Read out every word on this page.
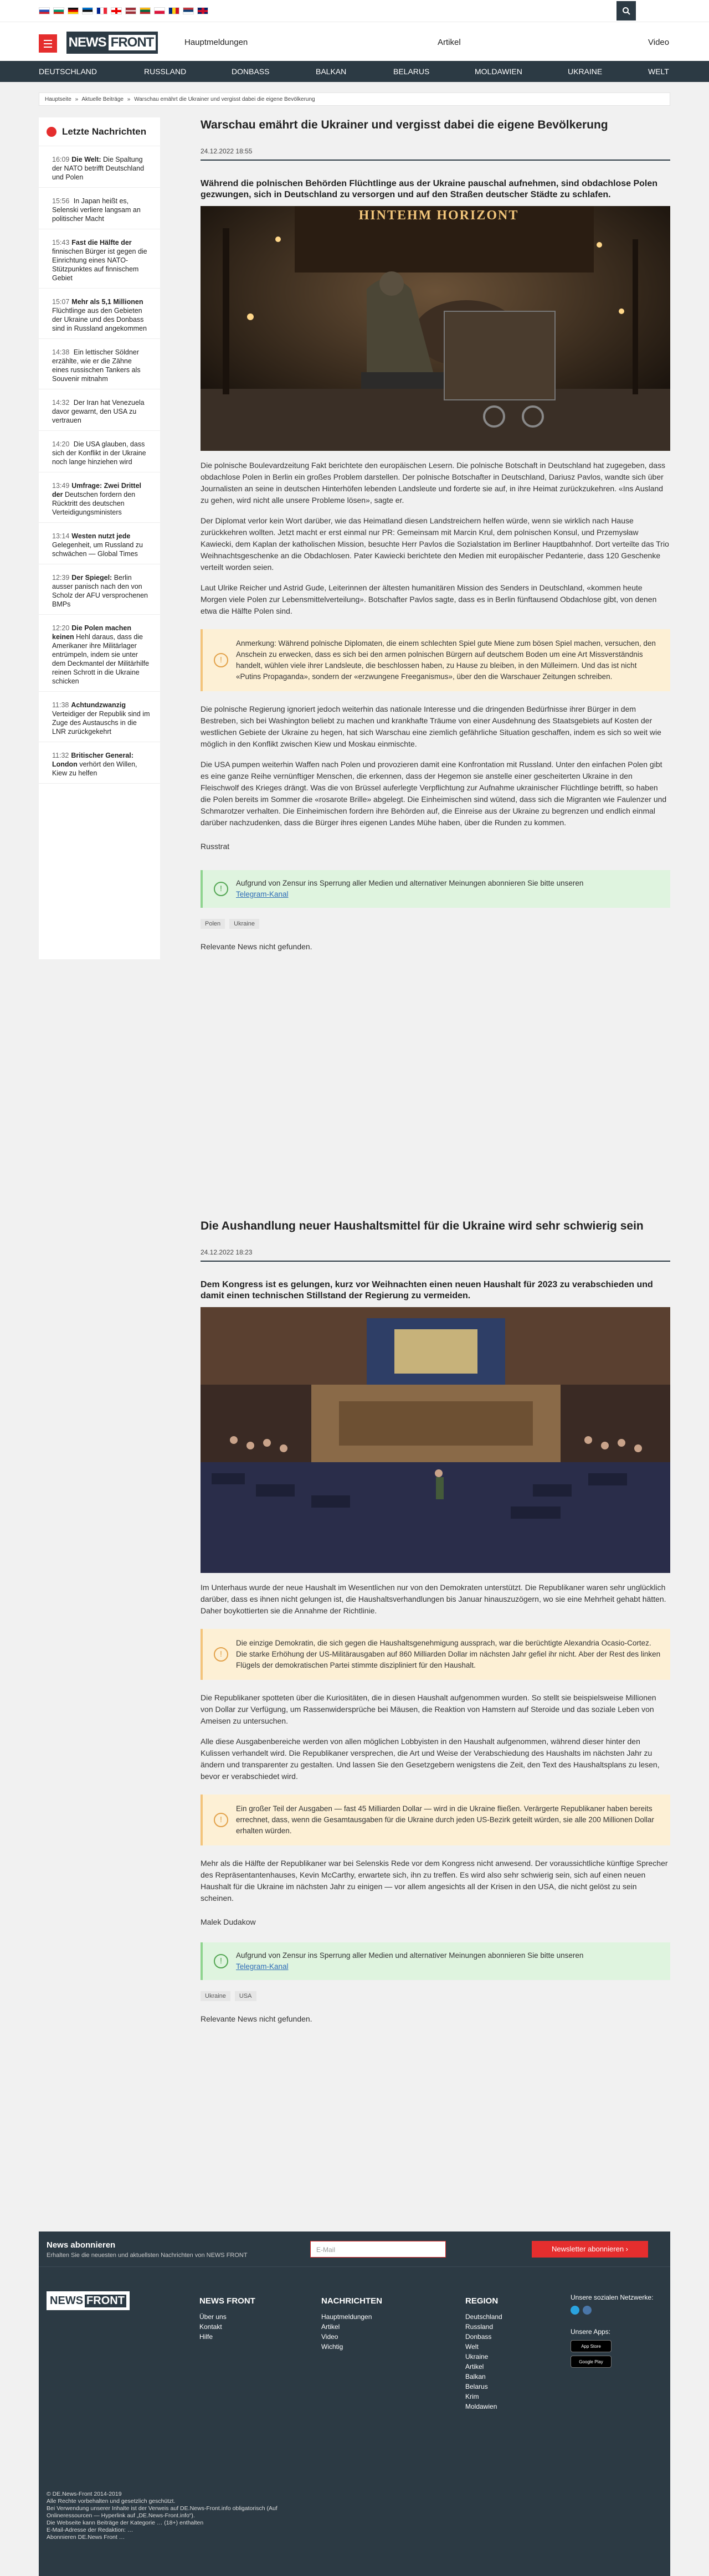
NEWS FRONT	Hauptmeldungen	Artikel	Video
DEUTSCHLAND	RUSSLAND	DONBASS	BALKAN	BELARUS	MOLDAWIEN	UKRAINE	WELT
Hauptseite » Aktuelle Beiträge » Warschau emährt die Ukrainer und vergisst dabei die eigene Bevölkerung
Letzte Nachrichten
16:09 Die Welt: Die Spaltung der NATO betrifft Deutschland und Polen
15:56 In Japan heißt es, Selenski verliere langsam an politischer Macht
15:43 Fast die Hälfte der finnischen Bürger ist gegen die Einrichtung eines NATO-Stützpunktes auf finnischem Gebiet
15:07 Mehr als 5,1 Millionen Flüchtlinge aus den Gebieten der Ukraine und des Donbass sind in Russland angekommen
14:38 Ein lettischer Söldner erzählte, wie er die Zähne eines russischen Tankers als Souvenir mitnahm
14:32 Der Iran hat Venezuela davor gewarnt, den USA zu vertrauen
14:20 Die USA glauben, dass sich der Konflikt in der Ukraine noch lange hinziehen wird
13:49 Umfrage: Zwei Drittel der Deutschen fordern den Rücktritt des deutschen Verteidigungsministers
13:14 Westen nutzt jede Gelegenheit, um Russland zu schwächen — Global Times
12:39 Der Spiegel: Berlin ausser panisch nach den von Scholz der AFU versprochenen BMPs
12:20 Die Polen machen keinen Hehl daraus, dass die Amerikaner ihre Militärlager entrümpeln, indem sie unter dem Deckmantel der Militärhilfe reinen Schrott in die Ukraine schicken
11:38 Achtundzwanzig Verteidiger der Republik sind im Zuge des Austauschs in die LNR zurückgekehrt
11:32 Britischer General: London verhört den Willen, Kiew zu helfen
Warschau emährt die Ukrainer und vergisst dabei die eigene Bevölkerung
24.12.2022 18:55
Während die polnischen Behörden Flüchtlinge aus der Ukraine pauschal aufnehmen, sind obdachlose Polen gezwungen, sich in Deutschland zu versorgen und auf den Straßen deutscher Städte zu schlafen.
HINTEHM HORIZONT
Die polnische Boulevardzeitung Fakt berichtete den europäischen Lesern. Die polnische Botschaft in Deutschland hat zugegeben, dass obdachlose Polen in Berlin ein großes Problem darstellen. Der polnische Botschafter in Deutschland, Dariusz Pavlos, wandte sich über Journalisten an seine in deutschen Hinterhöfen lebenden Landsleute und forderte sie auf, in ihre Heimat zurückzukehren. «Ins Ausland zu gehen, wird nicht alle unsere Probleme lösen», sagte er.
Der Diplomat verlor kein Wort darüber, wie das Heimatland diesen Landstreichern helfen würde, wenn sie wirklich nach Hause zurückkehren wollten. Jetzt macht er erst einmal nur PR: Gemeinsam mit Marcin Krul, dem polnischen Konsul, und Przemysław Kawiecki, dem Kaplan der katholischen Mission, besuchte Herr Pavlos die Sozialstation im Berliner Hauptbahnhof. Dort verteilte das Trio Weihnachtsgeschenke an die Obdachlosen. Pater Kawiecki berichtete den Medien mit europäischer Pedanterie, dass 120 Geschenke verteilt worden seien.
Laut Ulrike Reicher und Astrid Gude, Leiterinnen der ältesten humanitären Mission des Senders in Deutschland, «kommen heute Morgen viele Polen zur Lebensmittelverteilung». Botschafter Pavlos sagte, dass es in Berlin fünftausend Obdachlose gibt, von denen etwa die Hälfte Polen sind.
!
Anmerkung: Während polnische Diplomaten, die einem schlechten Spiel gute Miene zum bösen Spiel machen, versuchen, den Anschein zu erwecken, dass es sich bei den armen polnischen Bürgern auf deutschem Boden um eine Art Missverständnis handelt, wühlen viele ihrer Landsleute, die beschlossen haben, zu Hause zu bleiben, in den Mülleimern. Und das ist nicht «Putins Propaganda», sondern der «erzwungene Freeganismus», über den die Warschauer Zeitungen schreiben.
Die polnische Regierung ignoriert jedoch weiterhin das nationale Interesse und die dringenden Bedürfnisse ihrer Bürger in dem Bestreben, sich bei Washington beliebt zu machen und krankhafte Träume von einer Ausdehnung des Staatsgebiets auf Kosten der westlichen Gebiete der Ukraine zu hegen, hat sich Warschau eine ziemlich gefährliche Situation geschaffen, indem es sich so weit wie möglich in den Konflikt zwischen Kiew und Moskau einmischte.
Die USA pumpen weiterhin Waffen nach Polen und provozieren damit eine Konfrontation mit Russland. Unter den einfachen Polen gibt es eine ganze Reihe vernünftiger Menschen, die erkennen, dass der Hegemon sie anstelle einer gescheiterten Ukraine in den Fleischwolf des Krieges drängt. Was die von Brüssel auferlegte Verpflichtung zur Aufnahme ukrainischer Flüchtlinge betrifft, so haben die Polen bereits im Sommer die «rosarote Brille» abgelegt. Die Einheimischen sind wütend, dass sich die Migranten wie Faulenzer und Schmarotzer verhalten. Die Einheimischen fordern ihre Behörden auf, die Einreise aus der Ukraine zu begrenzen und endlich einmal darüber nachzudenken, dass die Bürger ihres eigenen Landes Mühe haben, über die Runden zu kommen.
Russtrat
!
Aufgrund von Zensur ins Sperrung aller Medien und alternativer Meinungen abonnieren Sie bitte unseren
Telegram-Kanal
Polen	Ukraine
Relevante News nicht gefunden.
Die Aushandlung neuer Haushaltsmittel für die Ukraine wird sehr schwierig sein
24.12.2022 18:23
Dem Kongress ist es gelungen, kurz vor Weihnachten einen neuen Haushalt für 2023 zu verabschieden und damit einen technischen Stillstand der Regierung zu vermeiden.
Im Unterhaus wurde der neue Haushalt im Wesentlichen nur von den Demokraten unterstützt. Die Republikaner waren sehr unglücklich darüber, dass es ihnen nicht gelungen ist, die Haushaltsverhandlungen bis Januar hinauszuzögern, wo sie eine Mehrheit gehabt hätten. Daher boykottierten sie die Annahme der Richtlinie.
!
Die einzige Demokratin, die sich gegen die Haushaltsgenehmigung aussprach, war die berüchtigte Alexandria Ocasio-Cortez. Die starke Erhöhung der US-Militärausgaben auf 860 Milliarden Dollar im nächsten Jahr gefiel ihr nicht. Aber der Rest des linken Flügels der demokratischen Partei stimmte diszipliniert für den Haushalt.
Die Republikaner spotteten über die Kuriositäten, die in diesen Haushalt aufgenommen wurden. So stellt sie beispielsweise Millionen von Dollar zur Verfügung, um Rassenwidersprüche bei Mäusen, die Reaktion von Hamstern auf Steroide und das soziale Leben von Ameisen zu untersuchen.
Alle diese Ausgabenbereiche werden von allen möglichen Lobbyisten in den Haushalt aufgenommen, während dieser hinter den Kulissen verhandelt wird. Die Republikaner versprechen, die Art und Weise der Verabschiedung des Haushalts im nächsten Jahr zu ändern und transparenter zu gestalten. Und lassen Sie den Gesetzgebern wenigstens die Zeit, den Text des Haushaltsplans zu lesen, bevor er verabschiedet wird.
!
Ein großer Teil der Ausgaben — fast 45 Milliarden Dollar — wird in die Ukraine fließen. Verärgerte Republikaner haben bereits errechnet, dass, wenn die Gesamtausgaben für die Ukraine durch jeden US-Bezirk geteilt würden, sie alle 200 Millionen Dollar erhalten würden.
Mehr als die Hälfte der Republikaner war bei Selenskis Rede vor dem Kongress nicht anwesend. Der voraussichtliche künftige Sprecher des Repräsentantenhauses, Kevin McCarthy, erwartete sich, ihn zu treffen. Es wird also sehr schwierig sein, sich auf einen neuen Haushalt für die Ukraine im nächsten Jahr zu einigen — vor allem angesichts all der Krisen in den USA, die nicht gelöst zu sein scheinen.
Malek Dudakow
!
Aufgrund von Zensur ins Sperrung aller Medien und alternativer Meinungen abonnieren Sie bitte unseren
Telegram-Kanal
Ukraine	USA
Relevante News nicht gefunden.
News abonnieren
Erhalten Sie die neuesten und aktuellsten Nachrichten von NEWS FRONT
E-Mail	Newsletter abonnieren ›
NEWS FRONT	NEWS FRONT
Über uns
Kontakt
Hilfe
NACHRICHTEN
Hauptmeldungen
Artikel
Video
Wichtig
REGION
Deutschland
Russland
Donbass
Welt
Ukraine
Artikel
Balkan
Belarus
Krim
Moldawien
Unsere sozialen Netzwerke:
Unsere Apps:
App Store
Google Play
© DE.News-Front 2014-2019
Alle Rechte vorbehalten und gesetzlich geschützt.
Bei Verwendung unserer Inhalte ist der Verweis auf DE.News-Front.info obligatorisch (Auf Onlineressourcen — Hyperlink auf „DE.News-Front.info“).
Die Webseite kann Beiträge der Kategorie … (18+) enthalten
E-Mail-Adresse der Redaktion: …
Abonnieren DE.News Front …
